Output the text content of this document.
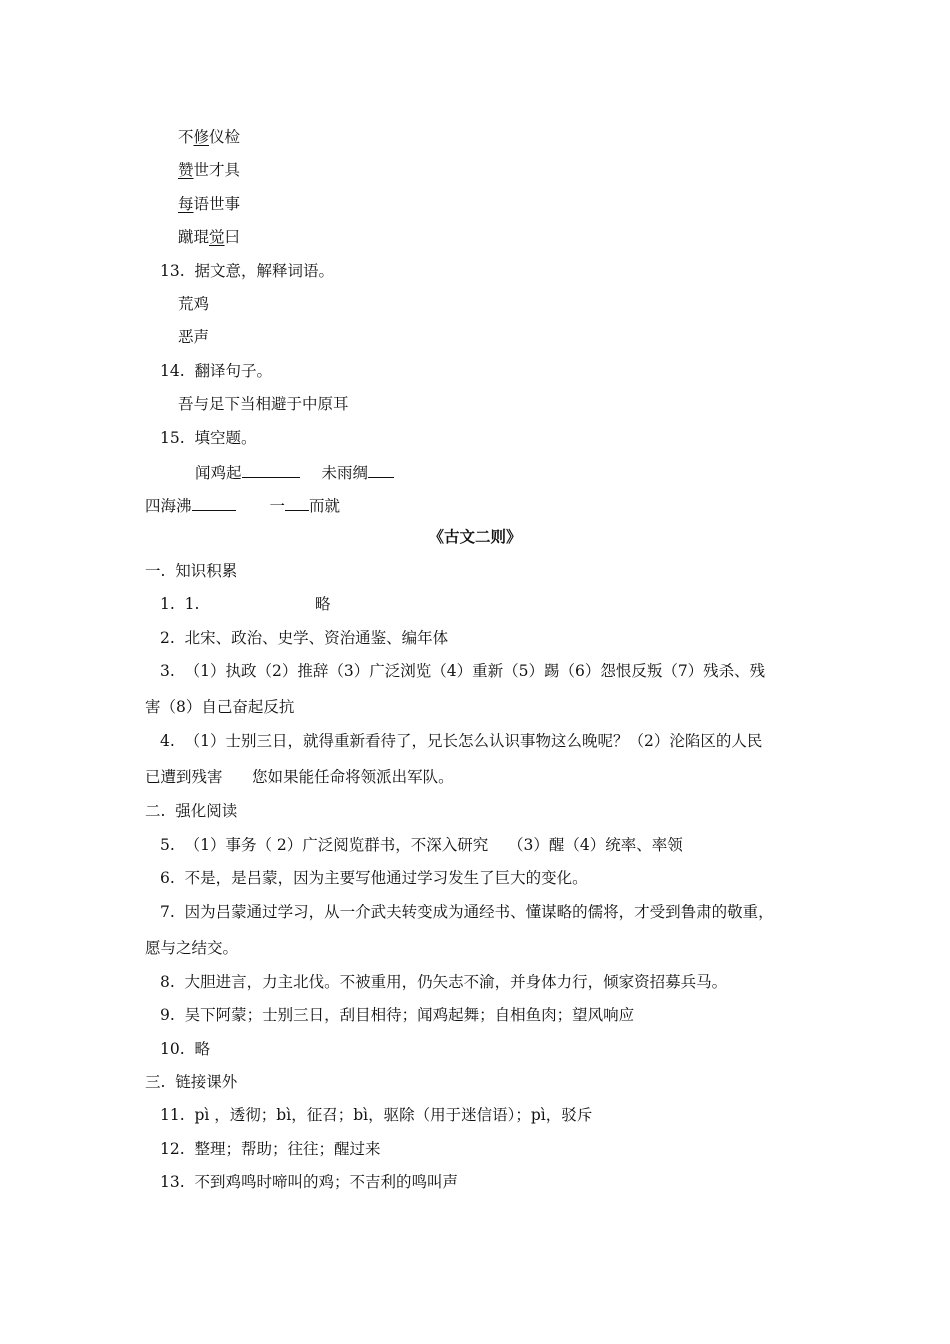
不修仪检
赞世才具
每语世事
蹴琨觉曰
13.  据文意，解释词语。
荒鸡
恶声
14.  翻译句子。
吾与足下当相避于中原耳
15.  填空题。
闻鸡起	未雨绸
四海沸	一 而就
《古文二则》
一.  知识积累
1.  1.	略
2.  北宋、政治、史学、资治通鉴、编年体
3.  （1）执政（2）推辞（3）广泛浏览（4）重新（5）踢（6）怨恨反叛（7）残杀、残
害（8）自己奋起反抗
4.  （1）士别三日，就得重新看待了，兄长怎么认识事物这么晚呢？（2）沦陷区的人民
已遭到残害      您如果能任命将领派出军队。
二.  强化阅读
5.  （1）事务（ 2）广泛阅览群书，不深入研究    （3）醒（4）统率、率领
6.  不是，是吕蒙，因为主要写他通过学习发生了巨大的变化。
7.  因为吕蒙通过学习，从一介武夫转变成为通经书、懂谋略的儒将，才受到鲁肃的敬重，
愿与之结交。
8.  大胆进言，力主北伐。不被重用，仍矢志不渝，并身体力行，倾家资招募兵马。
9.  吴下阿蒙；士别三日，刮目相待；闻鸡起舞；自相鱼肉；望风响应
10.  略
三.  链接课外
11.  pì ，透彻；bì，征召；bì，驱除（用于迷信语）；pì，驳斥
12.  整理；帮助；往往；醒过来
13.  不到鸡鸣时啼叫的鸡；不吉利的鸣叫声
